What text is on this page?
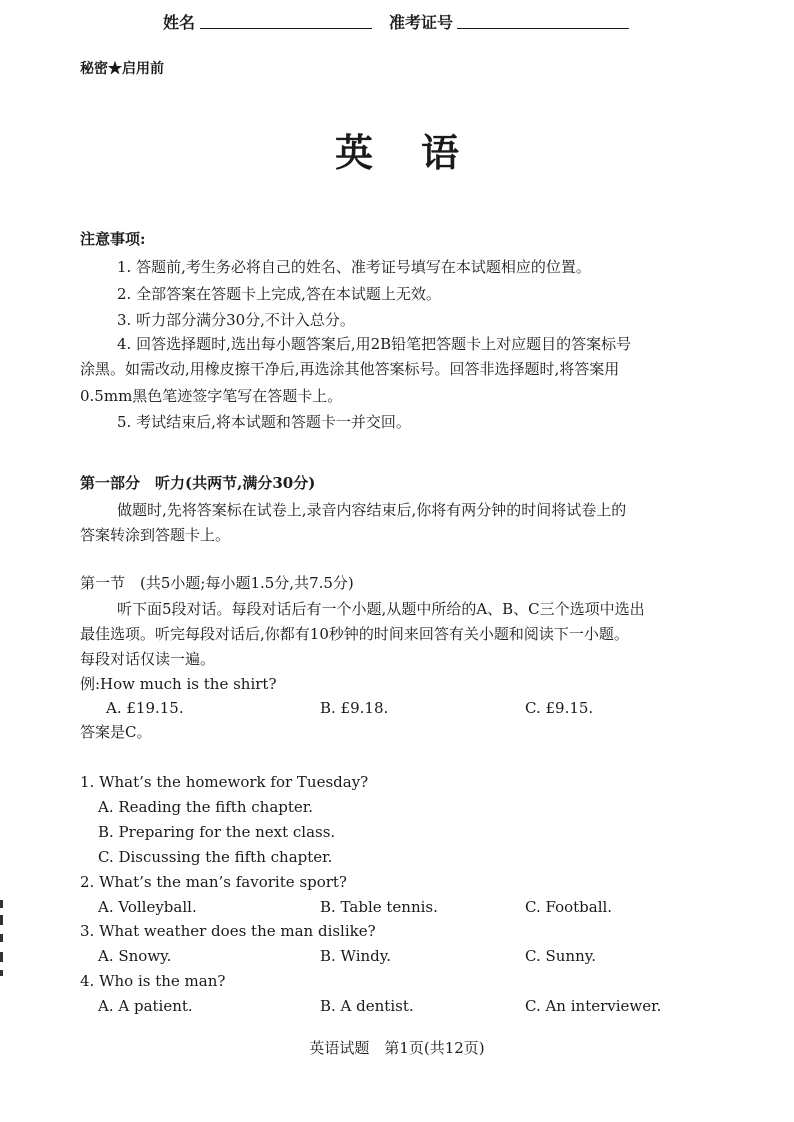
姓名	准考证号
秘密★启用前
英语
注意事项:
1. 答题前,考生务必将自己的姓名、准考证号填写在本试题相应的位置。
2. 全部答案在答题卡上完成,答在本试题上无效。
3. 听力部分满分30分,不计入总分。
4. 回答选择题时,选出每小题答案后,用2B铅笔把答题卡上对应题目的答案标号
涂黑。如需改动,用橡皮擦干净后,再选涂其他答案标号。回答非选择题时,将答案用
0.5mm黑色笔迹签字笔写在答题卡上。
5. 考试结束后,将本试题和答题卡一并交回。
第一部分　听力(共两节,满分30分)
做题时,先将答案标在试卷上,录音内容结束后,你将有两分钟的时间将试卷上的
答案转涂到答题卡上。
第一节　(共5小题;每小题1.5分,共7.5分)
听下面5段对话。每段对话后有一个小题,从题中所给的A、B、C三个选项中选出
最佳选项。听完每段对话后,你都有10秒钟的时间来回答有关小题和阅读下一小题。
每段对话仅读一遍。
例:How much is the shirt?
A. £19.15.	B. £9.18.	C. £9.15.
答案是C。
1. What’s the homework for Tuesday?
A. Reading the fifth chapter.
B. Preparing for the next class.
C. Discussing the fifth chapter.
2. What’s the man’s favorite sport?
A. Volleyball.	B. Table tennis.	C. Football.
3. What weather does the man dislike?
A. Snowy.	B. Windy.	C. Sunny.
4. Who is the man?
A. A patient.	B. A dentist.	C. An interviewer.
英语试题　第1页(共12页)
